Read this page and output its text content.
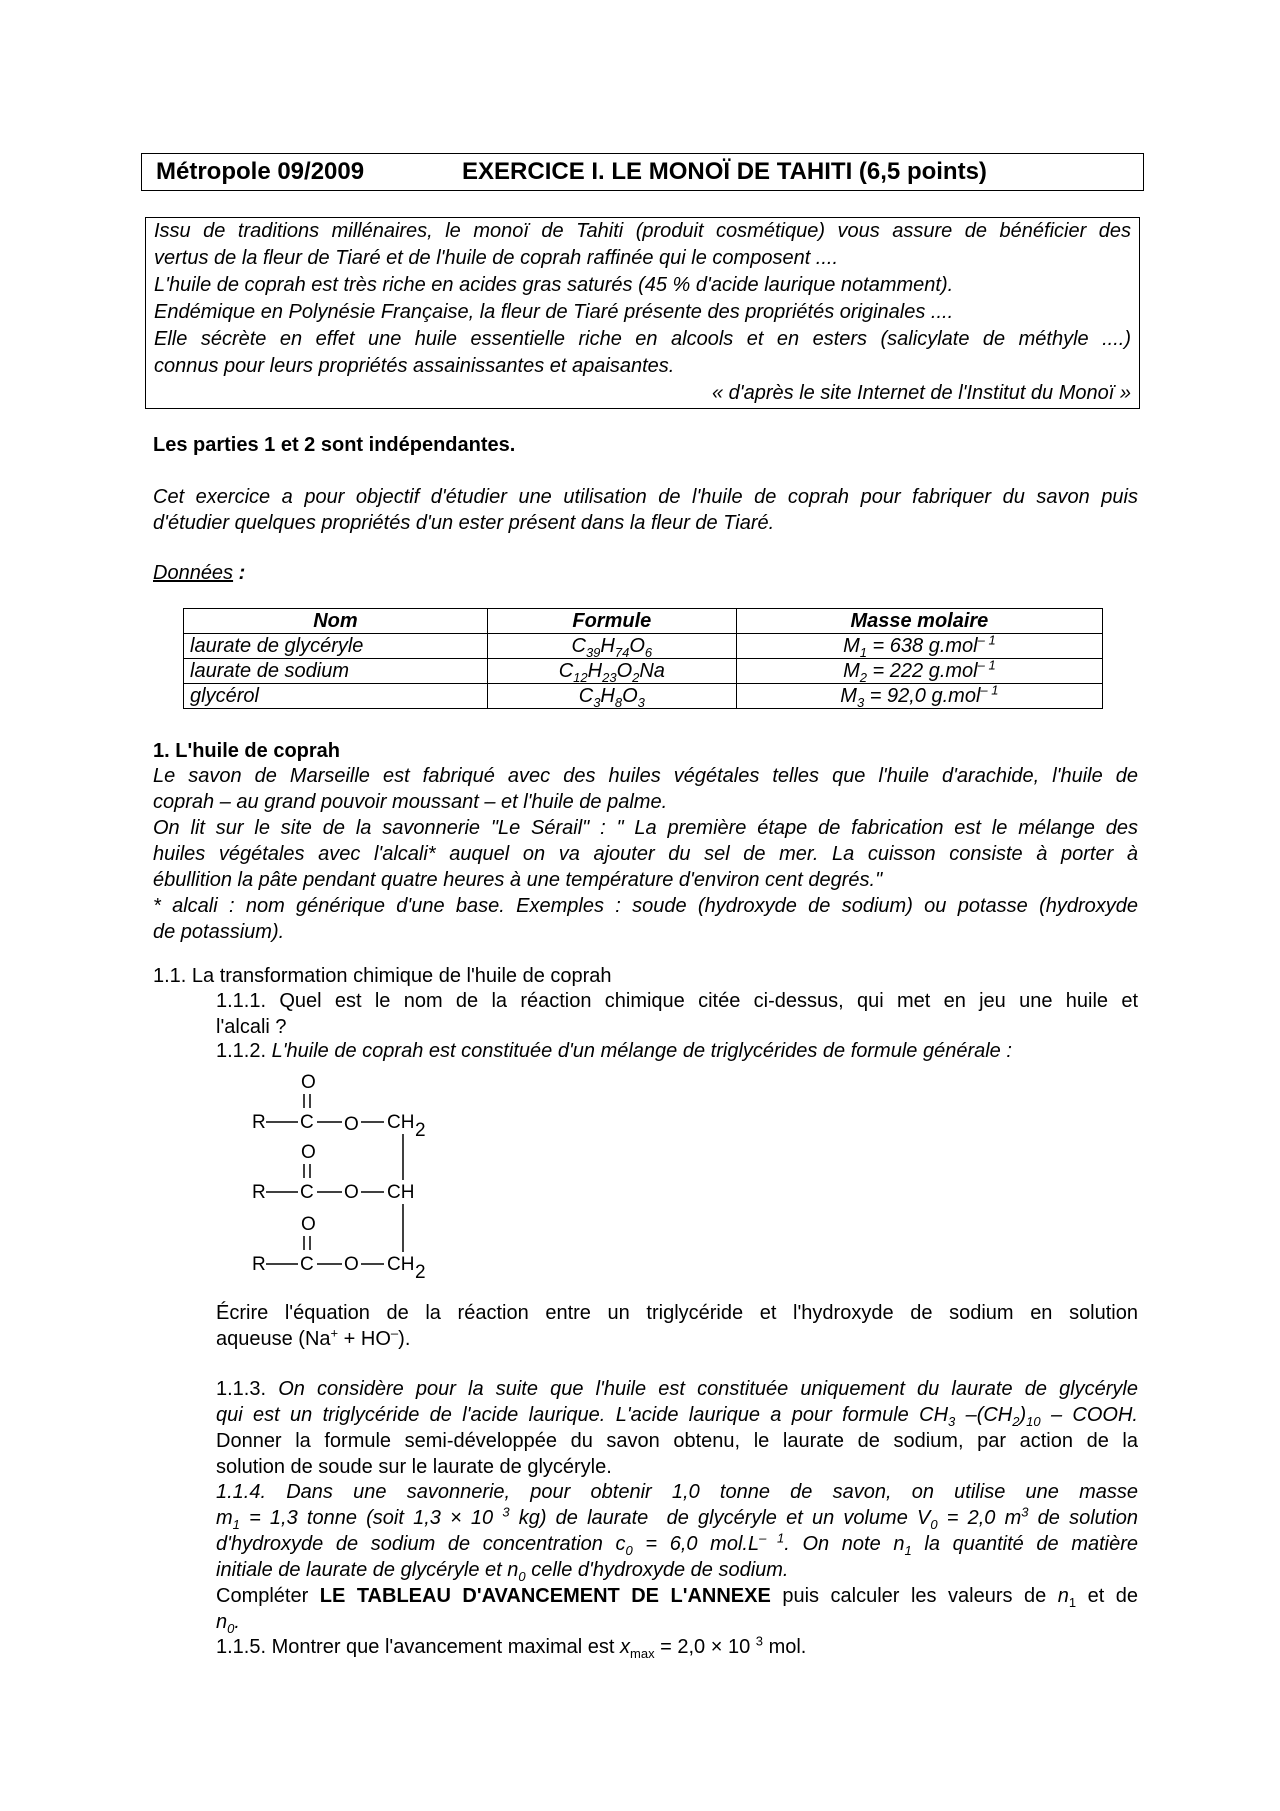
Métropole 09/2009	EXERCICE I. LE MONOÏ DE TAHITI (6,5 points)
Issu de traditions millénaires, le monoï de Tahiti (produit cosmétique) vous assure de bénéficier des
vertus de la fleur de Tiaré et de l'huile de coprah raffinée qui le composent ....
L'huile de coprah est très riche en acides gras saturés (45 % d'acide laurique notamment).
Endémique en Polynésie Française, la fleur de Tiaré présente des propriétés originales ....
Elle sécrète en effet une huile essentielle riche en alcools et en esters (salicylate de méthyle ....)
connus pour leurs propriétés assainissantes et apaisantes.
« d'après le site Internet de l'Institut du Monoï »
Les parties 1 et 2 sont indépendantes.
Cet exercice a pour objectif d'étudier une utilisation de l'huile de coprah pour fabriquer du savon puis
d'étudier quelques propriétés d'un ester présent dans la fleur de Tiaré.
Données :
Nom	Formule	Masse molaire
laurate de glycéryle	$C_{39}H_{74}O_6$	$M_1 = 638$ g.mol$^{- 1}$
laurate de sodium	$C_{12}H_{23}O_2Na$	$M_2 = 222$ g.mol$^{- 1}$
glycérol	$C_3H_8O_3$	$M_3 = 92,0$ g.mol$^{- 1}$
1. L'huile de coprah
Le savon de Marseille est fabriqué avec des huiles végétales telles que l'huile d'arachide, l'huile de
coprah – au grand pouvoir moussant – et l'huile de palme.
On lit sur le site de la savonnerie "Le Sérail" : " La première étape de fabrication est le mélange des
huiles végétales avec l'alcali* auquel on va ajouter du sel de mer. La cuisson consiste à porter à
ébullition la pâte pendant quatre heures à une température d'environ cent degrés."
* alcali : nom générique d'une base. Exemples : soude (hydroxyde de sodium) ou potasse (hydroxyde
de potassium).
1.1. La transformation chimique de l'huile de coprah
1.1.1. Quel est le nom de la réaction chimique citée ci-dessus, qui met en jeu une huile et
l'alcali ?
1.1.2. L'huile de coprah est constituée d'un mélange de triglycérides de formule générale :
O
R C O CH 2
O
R C O CH
O
R C O CH 2
Écrire l'équation de la réaction entre un triglycéride et l'hydroxyde de sodium en solution
aqueuse (Na+ + HO–).
1.1.3. On considère pour la suite que l'huile est constituée uniquement du laurate de glycéryle
qui est un triglycéride de l'acide laurique. L'acide laurique a pour formule $CH_3$ $-(CH_2)_{10}$ – COOH.
Donner la formule semi-développée du savon obtenu, le laurate de sodium, par action de la
solution de soude sur le laurate de glycéryle.
1.1.4. Dans une savonnerie, pour obtenir 1,0 tonne de savon, on utilise une masse
$m_1 = 1,3$ tonne (soit 1,3 × 10 $^3$ kg) de laurate  de glycéryle et un volume $V_0 = 2,0$ $m^3$ de solution
d'hydroxyde de sodium de concentration $c_0 = 6,0$ $mol.L^{- 1}$. On note $n_1$ la quantité de matière
initiale de laurate de glycéryle et $n_0$ celle d'hydroxyde de sodium.
Compléter LE TABLEAU D'AVANCEMENT DE L'ANNEXE puis calculer les valeurs de $n_1$ et de
$n_0$.
1.1.5. Montrer que l'avancement maximal est $x_{max} = 2,0 \times 10$ $^3$ mol.
